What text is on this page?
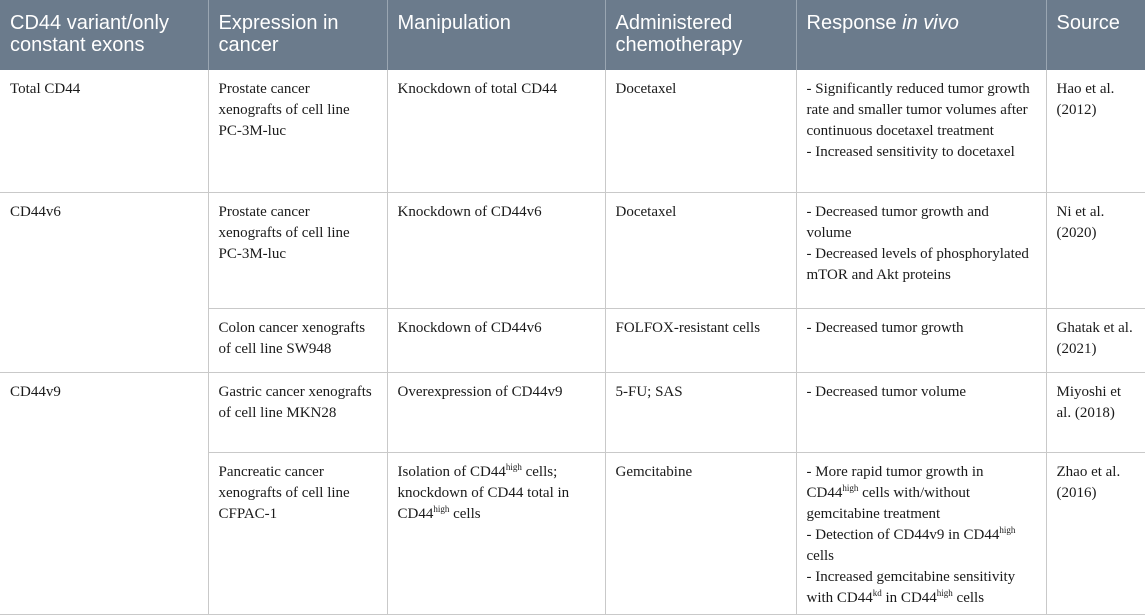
CD44 variant/only constant exons	Expression in cancer	Manipulation	Administered chemotherapy	Response in vivo	Source
Total CD44	Prostate cancer xenografts of cell line PC-3M-luc	Knockdown of total CD44	Docetaxel	- Significantly reduced tumor growth rate and smaller tumor volumes after continuous docetaxel treatment
- Increased sensitivity to docetaxel	Hao et al. (2012)
CD44v6	Prostate cancer xenografts of cell line PC-3M-luc	Knockdown of CD44v6	Docetaxel	- Decreased tumor growth and volume
- Decreased levels of phosphorylated mTOR and Akt proteins	Ni et al. (2020)
	Colon cancer xenografts of cell line SW948	Knockdown of CD44v6	FOLFOX-resistant cells	- Decreased tumor growth	Ghatak et al. (2021)
CD44v9	Gastric cancer xenografts of cell line MKN28	Overexpression of CD44v9	5-FU; SAS	- Decreased tumor volume	Miyoshi et al. (2018)
	Pancreatic cancer xenografts of cell line CFPAC-1	Isolation of $CD44^{high}$ cells; knockdown of CD44 total in $CD44^{high}$ cells	Gemcitabine	- More rapid tumor growth in $CD44^{high}$ cells with/without gemcitabine treatment
- Detection of CD44v9 in $CD44^{high}$ cells
- Increased gemcitabine sensitivity with $CD44^{kd}$ in $CD44^{high}$ cells	Zhao et al. (2016)
